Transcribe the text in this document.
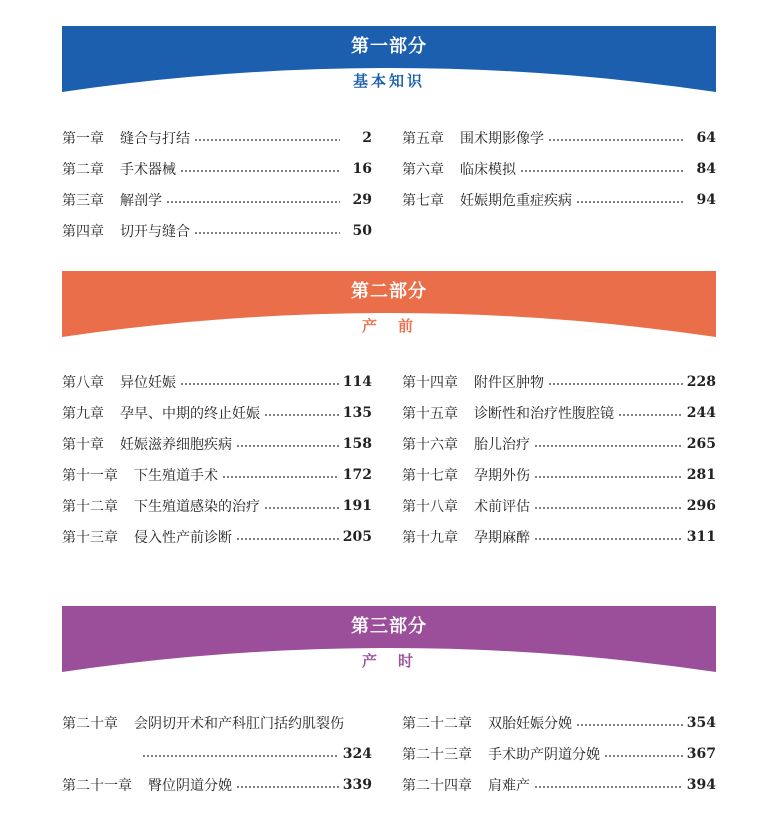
第一部分
基本知识
第一章 缝合与打结	2
第二章 手术器械	16
第三章 解剖学	29
第四章 切开与缝合	50
第五章 围术期影像学	64
第六章 临床模拟	84
第七章 妊娠期危重症疾病	94
第二部分
产　前
第八章 异位妊娠	114
第九章 孕早、中期的终止妊娠	135
第十章 妊娠滋养细胞疾病	158
第十一章 下生殖道手术	172
第十二章 下生殖道感染的治疗	191
第十三章 侵入性产前诊断	205
第十四章 附件区肿物	228
第十五章 诊断性和治疗性腹腔镜	244
第十六章 胎儿治疗	265
第十七章 孕期外伤	281
第十八章 术前评估	296
第十九章 孕期麻醉	311
第三部分
产　时
第二十章 会阴切开术和产科肛门括约肌裂伤
324
第二十一章 臀位阴道分娩	339
第二十二章 双胎妊娠分娩	354
第二十三章 手术助产阴道分娩	367
第二十四章 肩难产	394
